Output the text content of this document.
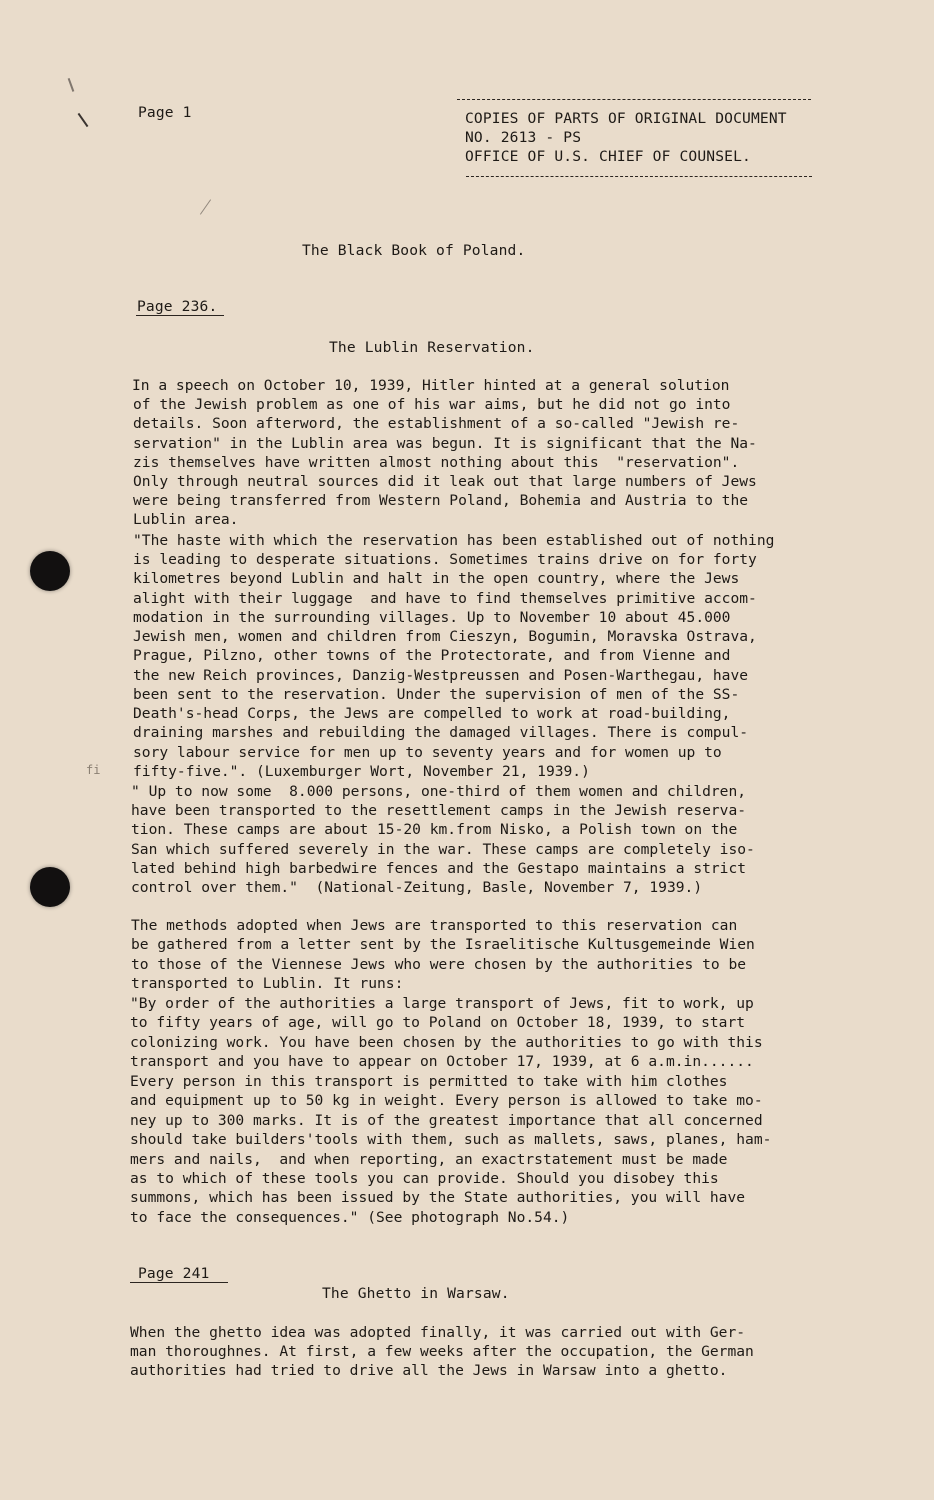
Page 1	COPIES OF PARTS OF ORIGINAL DOCUMENT
NO. 2613 - PS
OFFICE OF U.S. CHIEF OF COUNSEL.
The Black Book of Poland.
Page 236.
The Lublin Reservation.
In a speech on October 10, 1939, Hitler hinted at a general solution
of the Jewish problem as one of his war aims, but he did not go into
details. Soon afterword, the establishment of a so-called "Jewish re-
servation" in the Lublin area was begun. It is significant that the Na-
zis themselves have written almost nothing about this  "reservation".
Only through neutral sources did it leak out that large numbers of Jews
were being transferred from Western Poland, Bohemia and Austria to the
Lublin area.
"The haste with which the reservation has been established out of nothing
is leading to desperate situations. Sometimes trains drive on for forty
kilometres beyond Lublin and halt in the open country, where the Jews
alight with their luggage  and have to find themselves primitive accom-
modation in the surrounding villages. Up to November 10 about 45.000
Jewish men, women and children from Cieszyn, Bogumin, Moravska Ostrava,
Prague, Pilzno, other towns of the Protectorate, and from Vienne and
the new Reich provinces, Danzig-Westpreussen and Posen-Warthegau, have
been sent to the reservation. Under the supervision of men of the SS-
Death's-head Corps, the Jews are compelled to work at road-building,
draining marshes and rebuilding the damaged villages. There is compul-
sory labour service for men up to seventy years and for women up to
fifty-five.". (Luxemburger Wort, November 21, 1939.)
fi
" Up to now some  8.000 persons, one-third of them women and children,
have been transported to the resettlement camps in the Jewish reserva-
tion. These camps are about 15-20 km.from Nisko, a Polish town on the
San which suffered severely in the war. These camps are completely iso-
lated behind high barbedwire fences and the Gestapo maintains a strict
control over them."  (National-Zeitung, Basle, November 7, 1939.)
The methods adopted when Jews are transported to this reservation can
be gathered from a letter sent by the Israelitische Kultusgemeinde Wien
to those of the Viennese Jews who were chosen by the authorities to be
transported to Lublin. It runs:
"By order of the authorities a large transport of Jews, fit to work, up
to fifty years of age, will go to Poland on October 18, 1939, to start
colonizing work. You have been chosen by the authorities to go with this
transport and you have to appear on October 17, 1939, at 6 a.m.in......
Every person in this transport is permitted to take with him clothes
and equipment up to 50 kg in weight. Every person is allowed to take mo-
ney up to 300 marks. It is of the greatest importance that all concerned
should take builders'tools with them, such as mallets, saws, planes, ham-
mers and nails,  and when reporting, an exactrstatement must be made
as to which of these tools you can provide. Should you disobey this
summons, which has been issued by the State authorities, you will have
to face the consequences." (See photograph No.54.)
Page 241
The Ghetto in Warsaw.
When the ghetto idea was adopted finally, it was carried out with Ger-
man thoroughnes. At first, a few weeks after the occupation, the German
authorities had tried to drive all the Jews in Warsaw into a ghetto.
